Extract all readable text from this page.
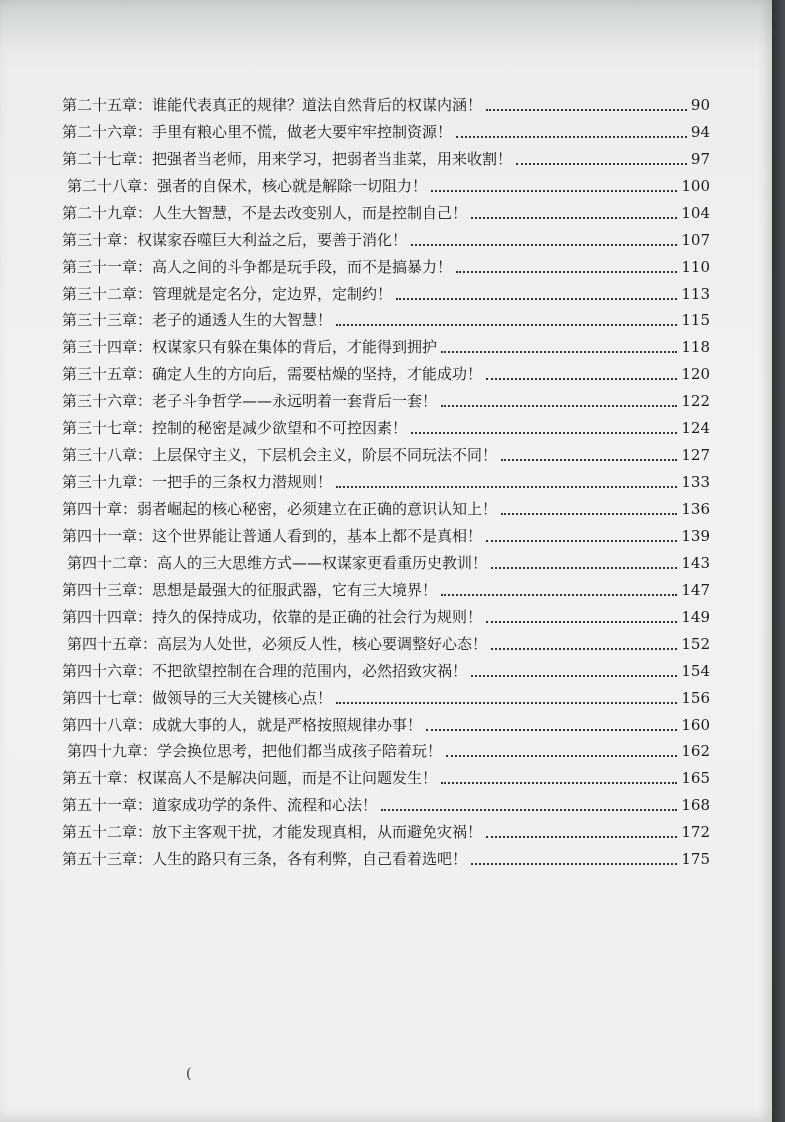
第二十五章：谁能代表真正的规律？道法自然背后的权谋内涵！	90
第二十六章：手里有粮心里不慌，做老大要牢牢控制资源！	94
第二十七章：把强者当老师，用来学习，把弱者当韭菜，用来收割！	97
第二十八章：强者的自保术，核心就是解除一切阻力！	100
第二十九章：人生大智慧，不是去改变别人，而是控制自己！	104
第三十章：权谋家吞噬巨大利益之后，要善于消化！	107
第三十一章：高人之间的斗争都是玩手段，而不是搞暴力！	110
第三十二章：管理就是定名分，定边界，定制约！	113
第三十三章：老子的通透人生的大智慧！	115
第三十四章：权谋家只有躲在集体的背后，才能得到拥护	118
第三十五章：确定人生的方向后，需要枯燥的坚持，才能成功！	120
第三十六章：老子斗争哲学——永远明着一套背后一套！	122
第三十七章：控制的秘密是减少欲望和不可控因素！	124
第三十八章：上层保守主义，下层机会主义，阶层不同玩法不同！	127
第三十九章：一把手的三条权力潜规则！	133
第四十章：弱者崛起的核心秘密，必须建立在正确的意识认知上！	136
第四十一章：这个世界能让普通人看到的，基本上都不是真相！	139
第四十二章：高人的三大思维方式——权谋家更看重历史教训！	143
第四十三章：思想是最强大的征服武器，它有三大境界！	147
第四十四章：持久的保持成功，依靠的是正确的社会行为规则！	149
第四十五章：高层为人处世，必须反人性，核心要调整好心态！	152
第四十六章：不把欲望控制在合理的范围内，必然招致灾祸！	154
第四十七章：做领导的三大关键核心点！	156
第四十八章：成就大事的人，就是严格按照规律办事！	160
第四十九章：学会换位思考，把他们都当成孩子陪着玩！	162
第五十章：权谋高人不是解决问题，而是不让问题发生！	165
第五十一章：道家成功学的条件、流程和心法！	168
第五十二章：放下主客观干扰，才能发现真相，从而避免灾祸！	172
第五十三章：人生的路只有三条，各有利弊，自己看着选吧！	175
(
